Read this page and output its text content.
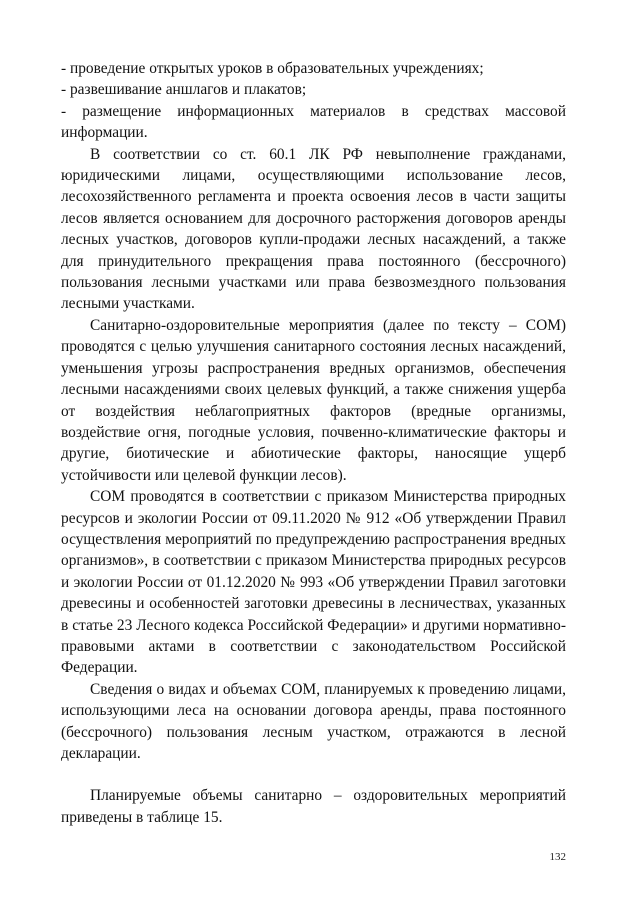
- проведение открытых уроков в образовательных учреждениях;

- развешивание аншлагов и плакатов;

- размещение информационных материалов в средствах массовой информации.

В соответствии со ст. 60.1 ЛК РФ невыполнение гражданами, юридическими лицами, осуществляющими использование лесов, лесохозяйственного регламента и проекта освоения лесов в части защиты лесов является основанием для досрочного расторжения договоров аренды лесных участков, договоров купли-продажи лесных насаждений, а также для принудительного прекращения права постоянного (бессрочного) пользования лесными участками или права безвозмездного пользования лесными участками.

Санитарно-оздоровительные мероприятия (далее по тексту – СОМ) проводятся с целью улучшения санитарного состояния лесных насаждений, уменьшения угрозы распространения вредных организмов, обеспечения лесными насаждениями своих целевых функций, а также снижения ущерба от воздействия неблагоприятных факторов (вредные организмы, воздействие огня, погодные условия, почвенно-климатические факторы и другие, биотические и абиотические факторы, наносящие ущерб устойчивости или целевой функции лесов).

СОМ проводятся в соответствии с приказом Министерства природных ресурсов и экологии России от 09.11.2020 № 912 «Об утверждении Правил осуществления мероприятий по предупреждению распространения вредных организмов», в соответствии с приказом Министерства природных ресурсов и экологии России от 01.12.2020 № 993 «Об утверждении Правил заготовки древесины и особенностей заготовки древесины в лесничествах, указанных в статье 23 Лесного кодекса Российской Федерации» и другими нормативно-правовыми актами в соответствии с законодательством Российской Федерации.

Сведения о видах и объемах СОМ, планируемых к проведению лицами, использующими леса на основании договора аренды, права постоянного (бессрочного) пользования лесным участком, отражаются в лесной декларации.

Планируемые объемы санитарно – оздоровительных мероприятий приведены в таблице 15.

132
